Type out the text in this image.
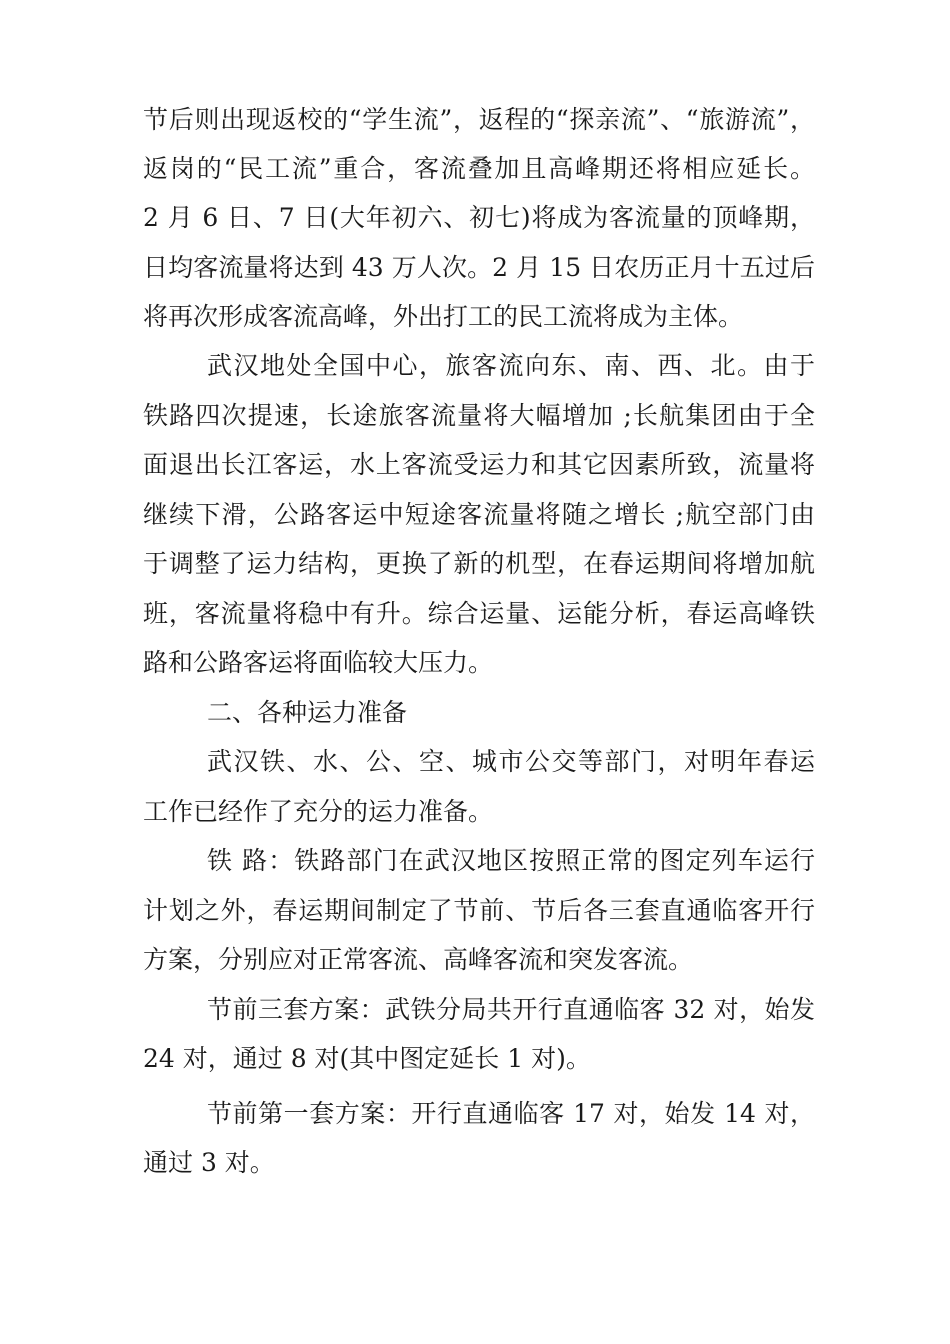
节后则出现返校的“学生流”，返程的“探亲流”、“旅游流”，
返岗的“民工流”重合，客流叠加且高峰期还将相应延长。
2 月 6 日、7 日(大年初六、初七)将成为客流量的顶峰期，
日均客流量将达到 43 万人次。2 月 15 日农历正月十五过后
将再次形成客流高峰，外出打工的民工流将成为主体。
武汉地处全国中心，旅客流向东、南、西、北。由于
铁路四次提速，长途旅客流量将大幅增加 ;长航集团由于全
面退出长江客运，水上客流受运力和其它因素所致，流量将
继续下滑，公路客运中短途客流量将随之增长 ;航空部门由
于调整了运力结构，更换了新的机型，在春运期间将增加航
班，客流量将稳中有升。综合运量、运能分析，春运高峰铁
路和公路客运将面临较大压力。
二、各种运力准备
武汉铁、水、公、空、城市公交等部门，对明年春运
工作已经作了充分的运力准备。
铁 路：铁路部门在武汉地区按照正常的图定列车运行
计划之外，春运期间制定了节前、节后各三套直通临客开行
方案，分别应对正常客流、高峰客流和突发客流。
节前三套方案：武铁分局共开行直通临客 32 对，始发
24 对，通过 8 对(其中图定延长 1 对)。
节前第一套方案：开行直通临客 17 对，始发 14 对，
通过 3 对。
